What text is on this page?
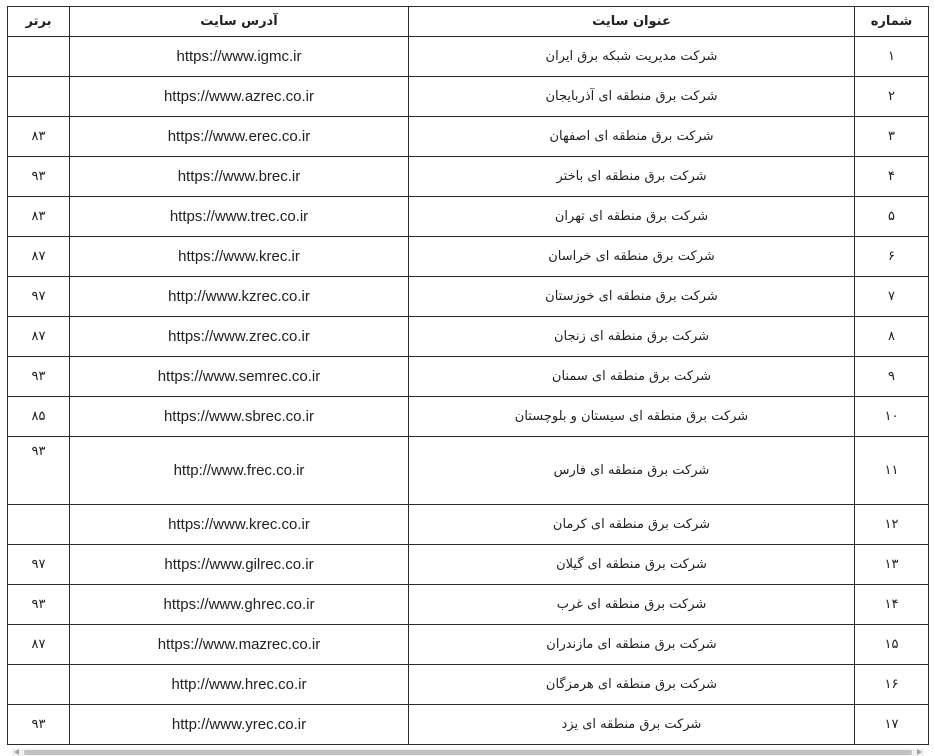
شماره	عنوان سایت	آدرس سایت	برتر
۱	شرکت مدیریت شبکه برق ایران	https://www.igmc.ir	
۲	شرکت برق منطقه ای آذربایجان	https://www.azrec.co.ir	
۳	شرکت برق منطقه ای اصفهان	https://www.erec.co.ir	۸۳
۴	شرکت برق منطقه ای باختر	https://www.brec.ir	۹۳
۵	شرکت برق منطقه ای تهران	https://www.trec.co.ir	۸۳
۶	شرکت برق منطقه ای خراسان	https://www.krec.ir	۸۷
۷	شرکت برق منطقه ای خوزستان	http://www.kzrec.co.ir	۹۷
۸	شرکت برق منطقه ای زنجان	https://www.zrec.co.ir	۸۷
۹	شرکت برق منطقه ای سمنان	https://www.semrec.co.ir	۹۳
۱۰	شرکت برق منطقه ای سیستان و بلوچستان	https://www.sbrec.co.ir	۸۵
۱۱	شرکت برق منطقه ای فارس	http://www.frec.co.ir	۹۳
۱۲	شرکت برق منطقه ای کرمان	https://www.krec.co.ir	
۱۳	شرکت برق منطقه ای گیلان	https://www.gilrec.co.ir	۹۷
۱۴	شرکت برق منطقه ای غرب	https://www.ghrec.co.ir	۹۳
۱۵	شرکت برق منطقه ای مازندران	https://www.mazrec.co.ir	۸۷
۱۶	شرکت برق منطقه ای هرمزگان	http://www.hrec.co.ir	
۱۷	شرکت برق منطقه ای یزد	http://www.yrec.co.ir	۹۳
